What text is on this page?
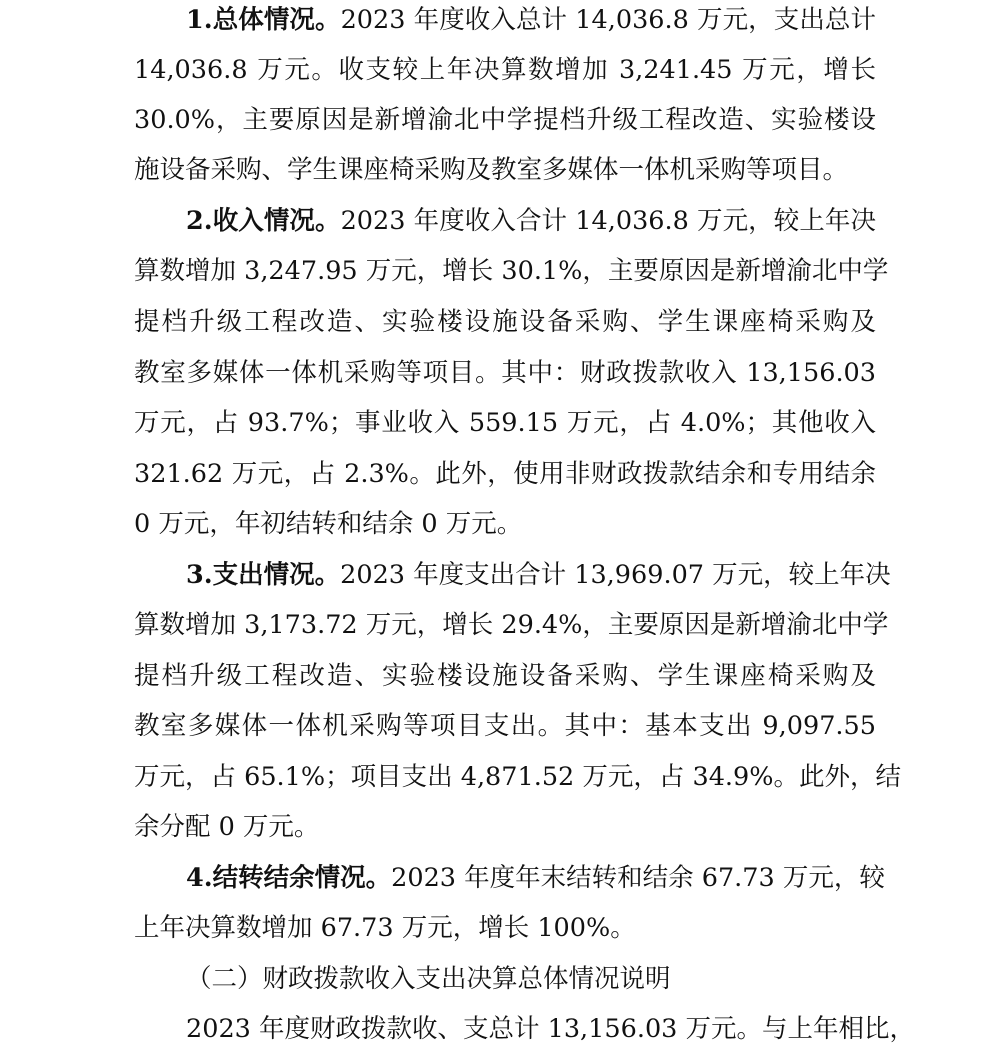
1.总体情况。2023 年度收入总计 14,036.8 万元，支出总计
14,036.8 万元。收支较上年决算数增加 3,241.45 万元，增长
30.0%，主要原因是新增渝北中学提档升级工程改造、实验楼设
施设备采购、学生课座椅采购及教室多媒体一体机采购等项目。
2.收入情况。2023 年度收入合计 14,036.8 万元，较上年决
算数增加 3,247.95 万元，增长 30.1%，主要原因是新增渝北中学
提档升级工程改造、实验楼设施设备采购、学生课座椅采购及
教室多媒体一体机采购等项目。其中：财政拨款收入 13,156.03
万元，占 93.7%；事业收入 559.15 万元，占 4.0%；其他收入
321.62 万元，占 2.3%。此外，使用非财政拨款结余和专用结余
0 万元，年初结转和结余 0 万元。
3.支出情况。2023 年度支出合计 13,969.07 万元，较上年决
算数增加 3,173.72 万元，增长 29.4%，主要原因是新增渝北中学
提档升级工程改造、实验楼设施设备采购、学生课座椅采购及
教室多媒体一体机采购等项目支出。其中：基本支出 9,097.55
万元，占 65.1%；项目支出 4,871.52 万元，占 34.9%。此外，结
余分配 0 万元。
4.结转结余情况。2023 年度年末结转和结余 67.73 万元，较
上年决算数增加 67.73 万元，增长 100%。
（二）财政拨款收入支出决算总体情况说明
2023 年度财政拨款收、支总计 13,156.03 万元。与上年相比，
